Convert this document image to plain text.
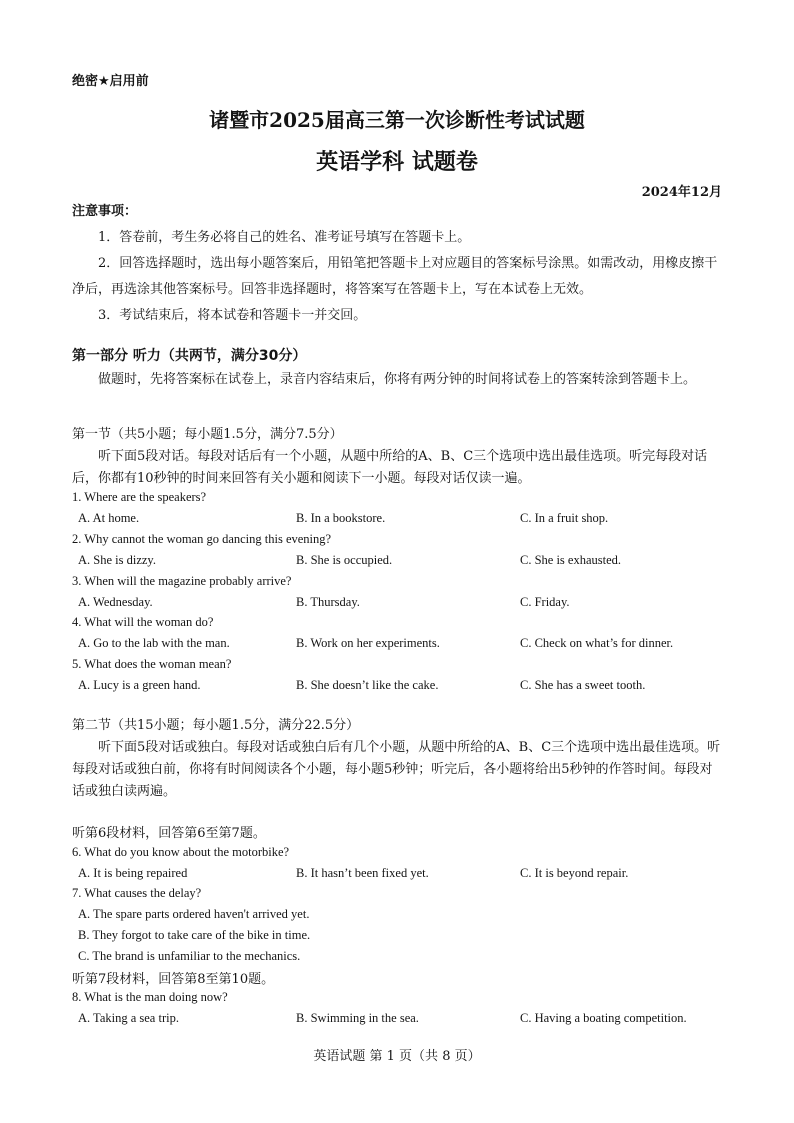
绝密★启用前
诸暨市2025届高三第一次诊断性考试试题
英语学科 试题卷
2024年12月

注意事项：

1．答卷前，考生务必将自己的姓名、准考证号填写在答题卡上。

2．回答选择题时，选出每小题答案后，用铅笔把答题卡上对应题目的答案标号涂黑。如需改动，用橡皮擦干净后，再选涂其他答案标号。回答非选择题时，将答案写在答题卡上，写在本试卷上无效。

3．考试结束后，将本试卷和答题卡一并交回。

第一部分 听力（共两节，满分30分）

做题时，先将答案标在试卷上，录音内容结束后，你将有两分钟的时间将试卷上的答案转涂到答题卡上。

第一节（共5小题；每小题1.5分，满分7.5分）

听下面5段对话。每段对话后有一个小题，从题中所给的A、B、C三个选项中选出最佳选项。听完每段对话后，你都有10秒钟的时间来回答有关小题和阅读下一小题。每段对话仅读一遍。

1. Where are the speakers?
A. At home.	B. In a bookstore.	C. In a fruit shop.
2. Why cannot the woman go dancing this evening?
A. She is dizzy.	B. She is occupied.	C. She is exhausted.
3. When will the magazine probably arrive?
A. Wednesday.	B. Thursday.	C. Friday.
4. What will the woman do?
A. Go to the lab with the man.	B. Work on her experiments.	C. Check on what’s for dinner.
5. What does the woman mean?
A. Lucy is a green hand.	B. She doesn’t like the cake.	C. She has a sweet tooth.

第二节（共15小题；每小题1.5分，满分22.5分）

听下面5段对话或独白。每段对话或独白后有几个小题，从题中所给的A、B、C三个选项中选出最佳选项。听每段对话或独白前，你将有时间阅读各个小题，每小题5秒钟；听完后，各小题将给出5秒钟的作答时间。每段对话或独白读两遍。

听第6段材料，回答第6至第7题。
6. What do you know about the motorbike?
A. It is being repaired	B. It hasn’t been fixed yet.	C. It is beyond repair.
7. What causes the delay?
A. The spare parts ordered haven't arrived yet.
B. They forgot to take care of the bike in time.
C. The brand is unfamiliar to the mechanics.
听第7段材料，回答第8至第10题。
8. What is the man doing now?
A. Taking a sea trip.	B. Swimming in the sea.	C. Having a boating competition.
英语试题 第 1 页（共 8 页）
